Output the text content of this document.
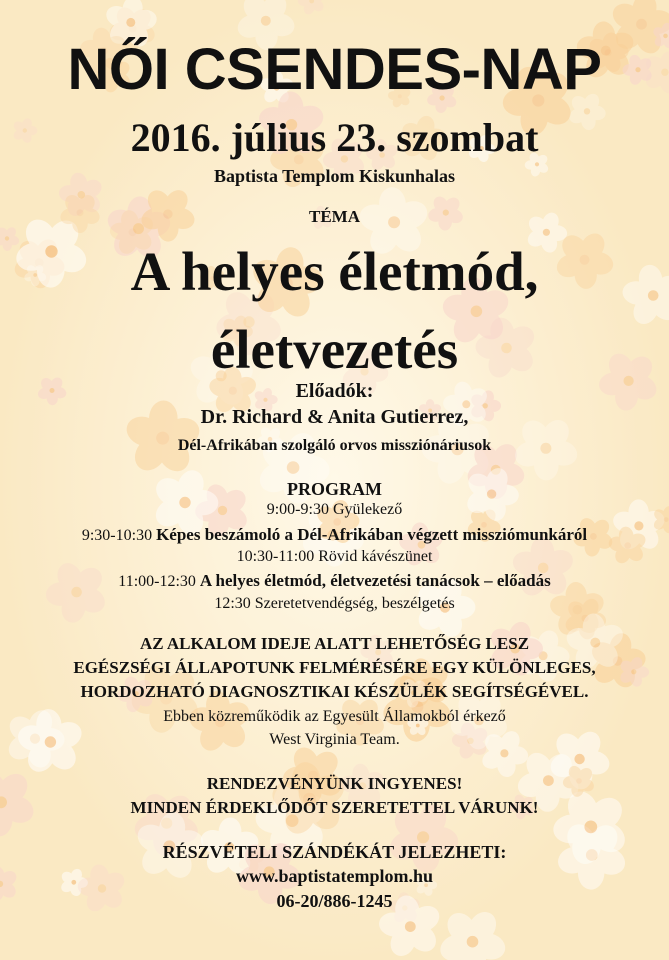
NŐI CSENDES-NAP
2016. július 23. szombat
Baptista Templom Kiskunhalas
TÉMA
A helyes életmód,
életvezetés
Előadók:
Dr. Richard & Anita Gutierrez,
Dél-Afrikában szolgáló orvos missziónáriusok
PROGRAM
9:00-9:30 Gyülekező
9:30-10:30 Képes beszámoló a Dél-Afrikában végzett missziómunkáról
10:30-11:00 Rövid kávészünet
11:00-12:30 A helyes életmód, életvezetési tanácsok – előadás
12:30 Szeretetvendégség, beszélgetés
AZ ALKALOM IDEJE ALATT LEHETŐSÉG LESZ
EGÉSZSÉGI ÁLLAPOTUNK FELMÉRÉSÉRE EGY KÜLÖNLEGES,
HORDOZHATÓ DIAGNOSZTIKAI KÉSZÜLÉK SEGÍTSÉGÉVEL.
Ebben közreműködik az Egyesült Államokból érkező
West Virginia Team.
RENDEZVÉNYÜNK INGYENES!
MINDEN ÉRDEKLŐDŐT SZERETETTEL VÁRUNK!
RÉSZVÉTELI SZÁNDÉKÁT JELEZHETI:
www.baptistatemplom.hu
06-20/886-1245
